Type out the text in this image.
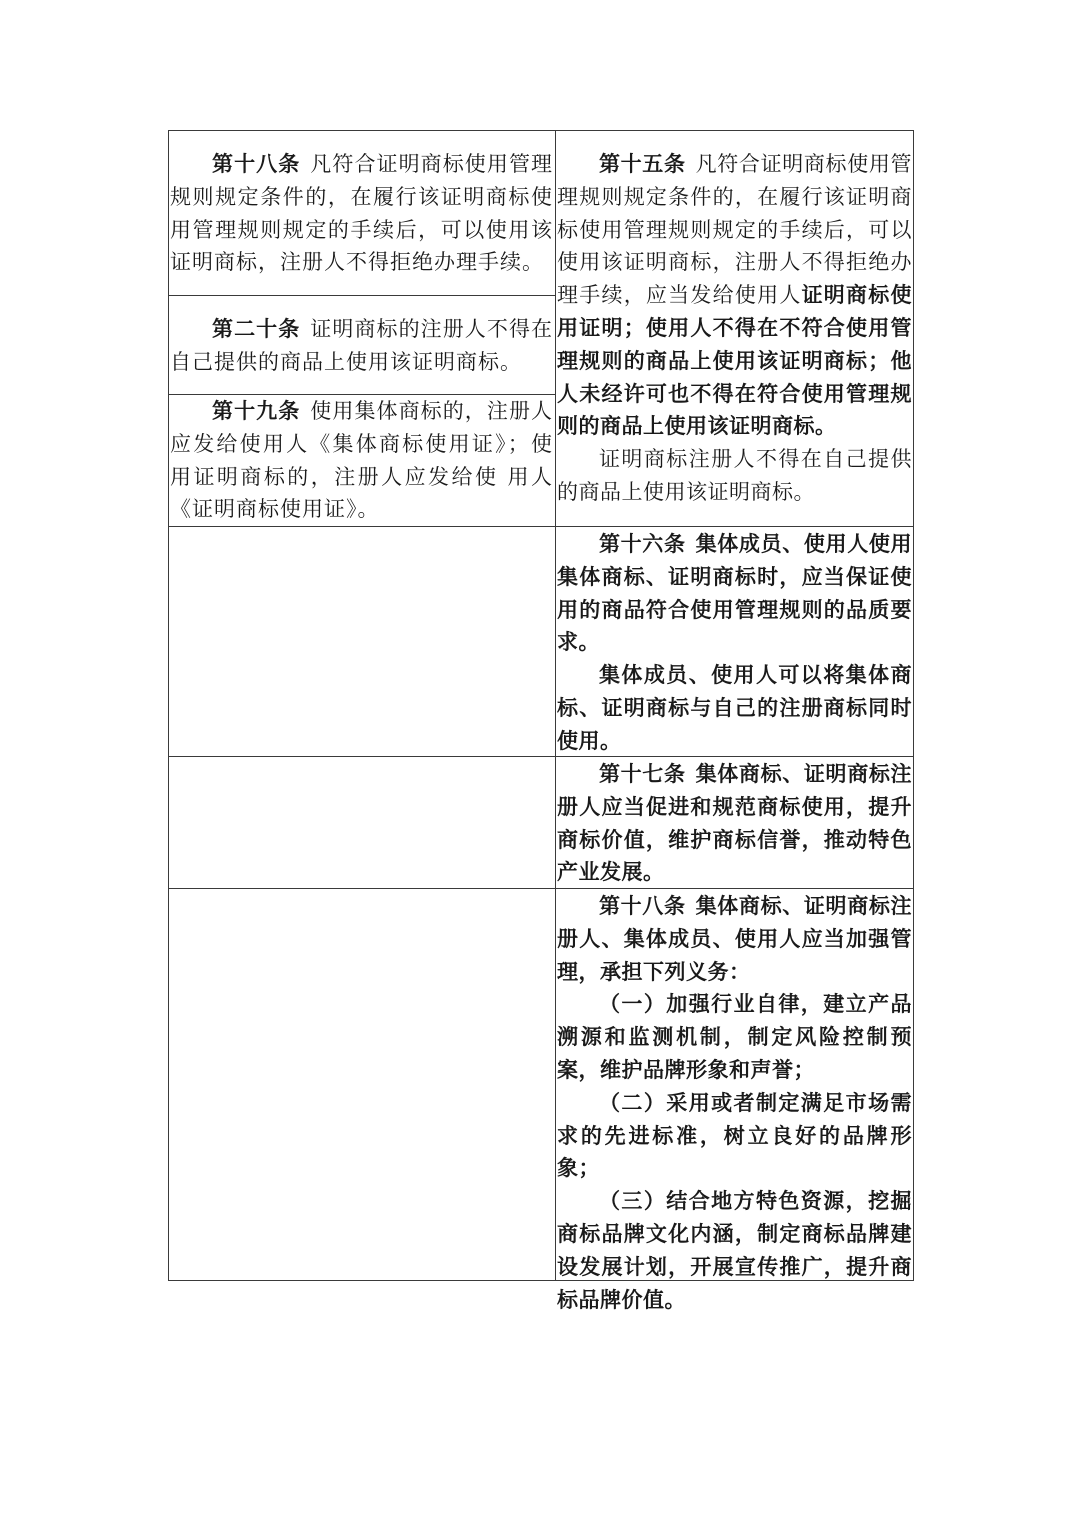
第十八条 凡符合证明商标使用管理规则规定条件的，在履行该证明商标使用管理规则规定的手续后，可以使用该证明商标，注册人不得拒绝办理手续。

第二十条 证明商标的注册人不得在自己提供的商品上使用该证明商标。

第十九条 使用集体商标的，注册人应发给使用人《集体商标使用证》；使用证明商标的，注册人应发给使 用人《证明商标使用证》。

第十五条 凡符合证明商标使用管理规则规定条件的，在履行该证明商标使用管理规则规定的手续后，可以使用该证明商标，注册人不得拒绝办理手续，应当发给使用人证明商标使用证明；使用人不得在不符合使用管理规则的商品上使用该证明商标；他人未经许可也不得在符合使用管理规则的商品上使用该证明商标。

证明商标注册人不得在自己提供的商品上使用该证明商标。

第十六条 集体成员、使用人使用集体商标、证明商标时，应当保证使用的商品符合使用管理规则的品质要求。

集体成员、使用人可以将集体商标、证明商标与自己的注册商标同时使用。

第十七条 集体商标、证明商标注册人应当促进和规范商标使用，提升商标价值，维护商标信誉，推动特色产业发展。

第十八条 集体商标、证明商标注册人、集体成员、使用人应当加强管理，承担下列义务：

（一）加强行业自律，建立产品溯源和监测机制，制定风险控制预案，维护品牌形象和声誉；

（二）采用或者制定满足市场需求的先进标准，树立良好的品牌形象；

（三）结合地方特色资源，挖掘商标品牌文化内涵，制定商标品牌建设发展计划，开展宣传推广，提升商标品牌价值。
